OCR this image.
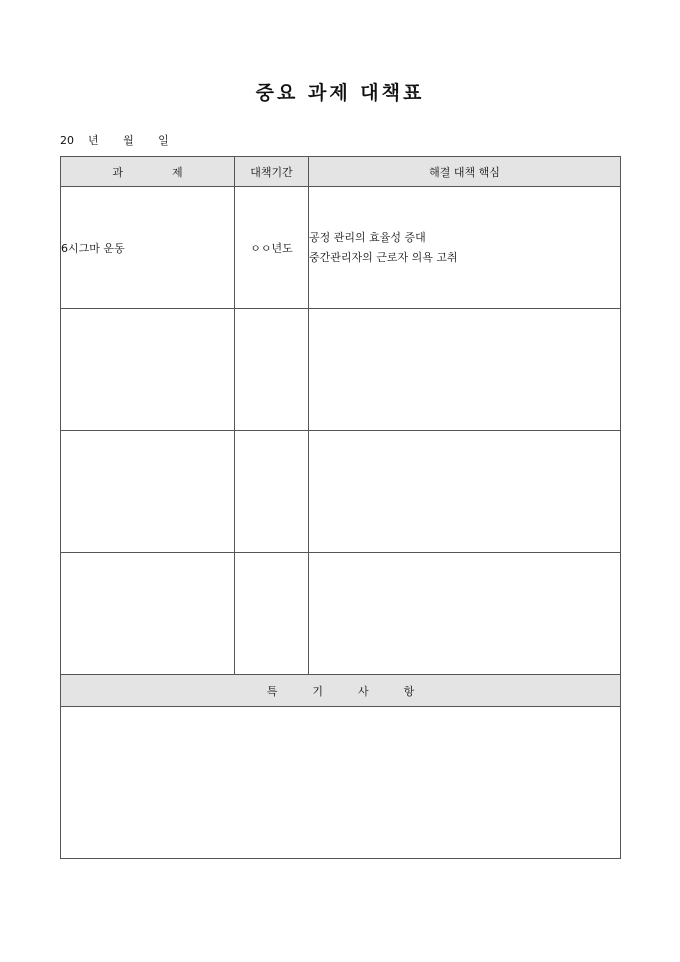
중요 과제 대책표
20    년       월       일
과              제	대책기간	해결 대책 핵심
6시그마 운동	ㅇㅇ년도	공정 관리의 효율성 증대
중간관리자의 근로자 의욕 고취

특          기          사          항		
